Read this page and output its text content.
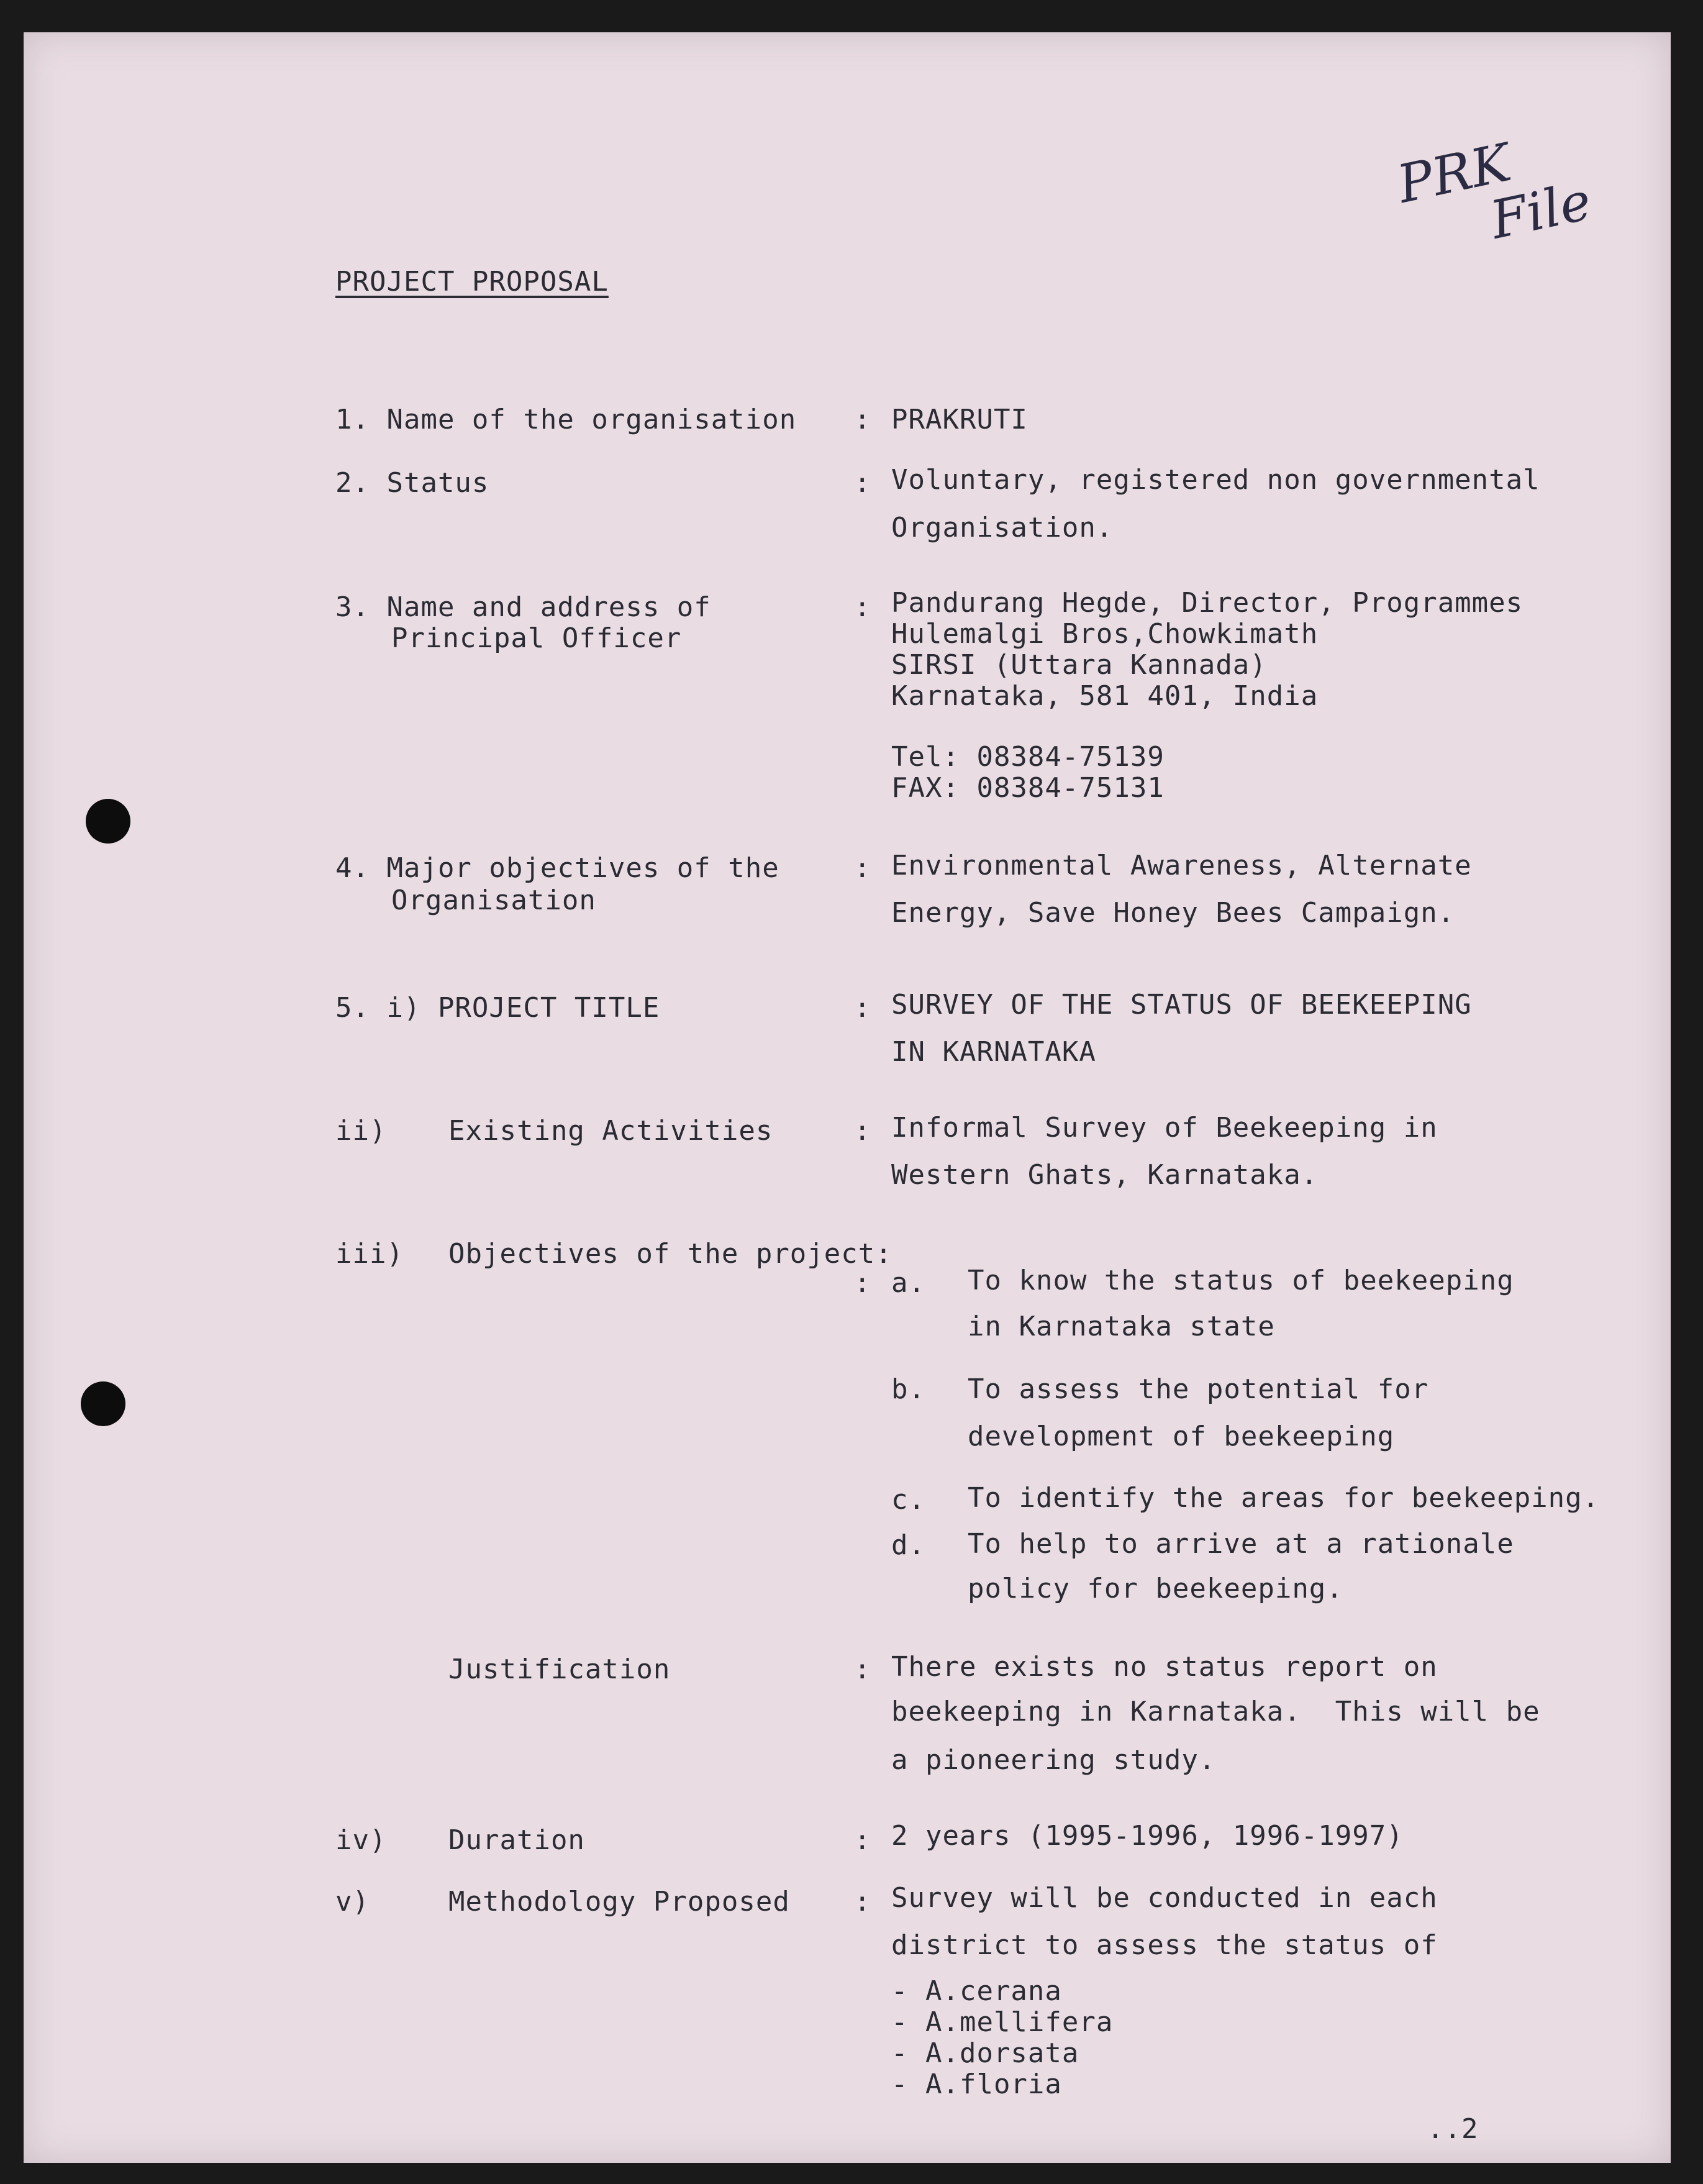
PRK
File
PROJECT PROPOSAL
1. Name of the organisation : PRAKRUTI
2. Status	: Voluntary, registered non governmental
Organisation.
3. Name and address of
Principal Officer
: Pandurang Hegde, Director, Programmes
Hulemalgi Bros,Chowkimath
SIRSI (Uttara Kannada)
Karnataka, 581 401, India
Tel: 08384-75139
FAX: 08384-75131
4. Major objectives of the
Organisation
: Environmental Awareness, Alternate
Energy, Save Honey Bees Campaign.
5. i) PROJECT TITLE	: SURVEY OF THE STATUS OF BEEKEEPING
IN KARNATAKA
ii) Existing Activities	: Informal Survey of Beekeeping in
Western Ghats, Karnataka.
iii) Objectives of the project:
: a. To know the status of beekeeping
in Karnataka state
b. To assess the potential for
development of beekeeping
c. To identify the areas for beekeeping.
d. To help to arrive at a rationale
policy for beekeeping.
Justification	: There exists no status report on
beekeeping in Karnataka.  This will be
a pioneering study.
iv) Duration	: 2 years (1995-1996, 1996-1997)
v)	Methodology Proposed : Survey will be conducted in each
district to assess the status of
- A.cerana
- A.mellifera
- A.dorsata
- A.floria
..2
